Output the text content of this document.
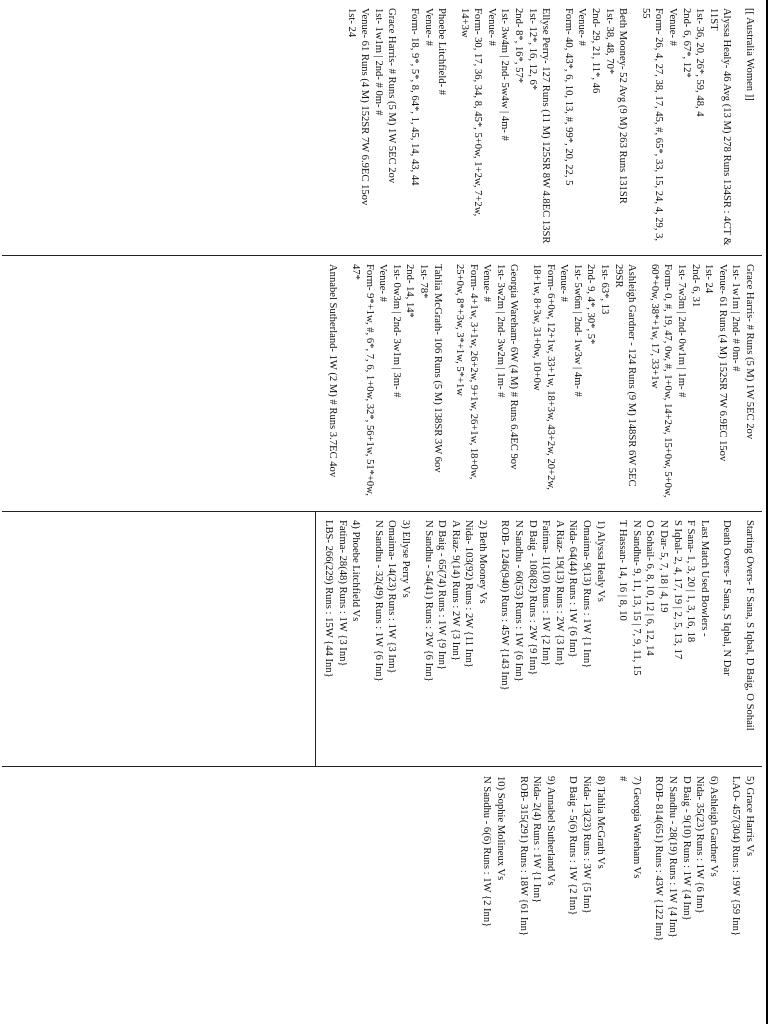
[[ Australia Women ]]
Alyssa Healy- 46 Avg (13 M) 278 Runs 134SR : 4CT & 11ST
1st- 36, 20, 26*, 59, 48, 4
2nd- 6, 67*, 12*
Venue- #
Form- 26, 4, 27, 38, 17, 45, #, 65*, 33, 15, 24, 4, 29, 3, 55
Beth Mooney- 52 Avg (9 M) 263 Runs 131SR
1st- 38, 48, 70*
2nd- 29, 21, 11*, 46
Venue- #
Form- 40, 43*, 6, 10, 13, #, 99*, 20, 22, 5
Ellyse Perry- 127 Runs (11 M) 125SR 8W 4.8EC 13SR
1st- 12*, 16, 12, 6*
2nd- 8*, 16*, 57*
1st- 3w4m | 2nd- 5w4w | 4m- #
Venue- #
Form- 30, 17, 36, 34, 8, 45*, 5+0w, 1+2w, 7+2w, 14+3w
Phoebe Litchfield- #
Venue- #
Form- 18, 9*, 5*, 8, 64*, 1, 45, 14, 43, 44
Grace Harris- # Runs (5 M) 1W 5EC 2ov
1st- 1w1m | 2nd- # 0m- #
Venue- 61 Runs (4 M) 152SR 7W 6.9EC 15ov
1st- 24
Grace Harris- # Runs (5 M) 1W 5EC 2ov
1st- 1w1m | 2nd- # 0m- #
Venue- 61 Runs (4 M) 152SR 7W 6.9EC 15ov
1st- 24
2nd- 6, 31
1st- 7w3m | 2nd- 0w1m | 1m- #
Form- 0, #, 19, 47, 0w, #, 1+0w, 14+2w, 15+0w, 5+0w, 60*+0w, 38*+1w, 17, 33+1w
Ashleigh Gardner - 124 Runs (9 M) 148SR 6W 5EC 29SR
1st- 63*, 13
2nd- 9, 4*, 30*, 5*
1st- 5w6m | 2nd- 1w3w | 4m- #
Venue- #
Form- 6+0w, 12+1w, 33+1w, 18+3w, 43+2w, 20+2w, 18+1w, 8+3w, 31+0w, 10+0w
Georgia Wareham- 6W (4 M) # Runs 6.4EC 9ov
1st- 3w2m | 2nd- 3w2m | 1m- #
Venue- #
Form- 4+1w, 3+1w, 26+2w, 9+1w, 26+1w, 18+0w, 25+0w, 8*+3w, 3*+1w, 5*+1w
Tahlia McGrath- 106 Runs (5 M) 138SR 3W 6ov
1st- 78*
2nd- 14, 14*
1st- 0w3m | 2nd- 3w1m | 3m- #
Venue- #
Form- 9*+1w, #, 6*, 7, 6, 1+0w, 32*, 56+1w, 51*+0w, 47*
Annabel Sutherland- 1W (2 M) # Runs 3.7EC 4ov
Starting Overs- F Sana, S Iqbal, D Baig, O Sohail
Death Overs- F Sana, S Iqbal, N Dar
Last Match Used Bowlers -
F Sana- 1, 3, 20 | 1, 3, 16, 18
S Iqbal- 2, 4, 17, 19 | 2, 5, 13, 17
N Dar- 5, 7, 18 | 4, 19
O Sohail- 6, 8, 10, 12 | 6, 12, 14
N Sandhu- 9, 11, 13, 15 | 7, 9, 11, 15
T Hassan- 14, 16 | 8, 10
1) Alyssa Healy Vs
Omaima- 9(13) Runs : 1W {1 Inn}
Nida- 64(44) Runs : 1W {6 Inn}
A Riaz- 19(13) Runs : 2W {3 Inn}
Fatima- 11(10) Runs : 1W {2 Inn}
D Baig - 108(82) Runs : 2W {9 Inn}
N Sandhu - 60(53) Runs : 1W {6 Inn}
ROB- 1246(940) Runs : 45W {143 Inn}
2) Beth Mooney Vs
Nida- 103(92) Runs : 2W {11 Inn}
A Riaz- 9(14) Runs : 2W {3 Inn}
D Baig - 65(74) Runs : 1W {9 Inn}
N Sandhu - 54(41) Runs : 2W {6 Inn}
3) Ellyse Perry Vs
Omaima- 14(23) Runs : 1W {3 Inn}
N Sandhu - 32(49) Runs : 1W {6 Inn}
4) Phoebe Litchfield Vs
Fatima- 28(48) Runs : 1W {3 Inn}
LBS- 266(229) Runs : 15W {44 Inn}
5) Grace Harris Vs
LAO- 457(304) Runs : 19W {59 Inn}
6) Ashleigh Gardner Vs
Nida- 35(23) Runs : 1W {6 Inn}
D Baig - 9(10) Runs : 1W {4 Inn}
N Sandhu - 28(19) Runs : 1W {4 Inn}
ROB- 814(651) Runs : 43W {122 Inn}
7) Georgia Wareham Vs
#
8) Tahlia McGrath Vs
Nida- 13(23) Runs : 3W {5 Inn}
D Baig - 5(6) Runs : 1W {2 Inn}
9) Annabel Sutherland Vs
Nida- 2(4) Runs : 1W {1 Inn}
ROB- 315(291) Runs : 18W {61 Inn}
10) Sophie Molineux Vs
N Sandhu - 6(6) Runs : 1W {2 Inn}
